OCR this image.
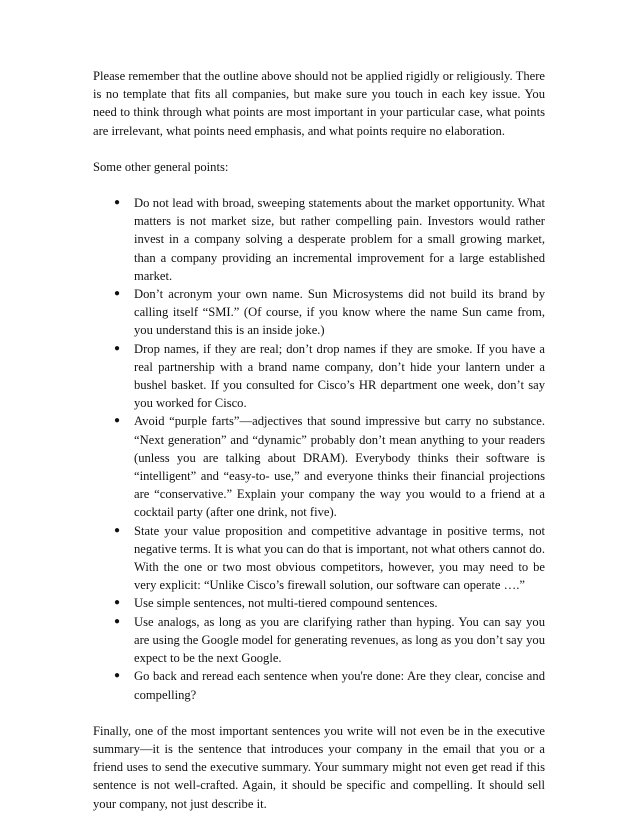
Please remember that the outline above should not be applied rigidly or religiously. There is no template that fits all companies, but make sure you touch in each key issue. You need to think through what points are most important in your particular case, what points are irrelevant, what points need emphasis, and what points require no elaboration.

Some other general points:

● Do not lead with broad, sweeping statements about the market opportunity. What matters is not market size, but rather compelling pain. Investors would rather invest in a company solving a desperate problem for a small growing market, than a company providing an incremental improvement for a large established market.
● Don’t acronym your own name. Sun Microsystems did not build its brand by calling itself “SMI.” (Of course, if you know where the name Sun came from, you understand this is an inside joke.)
● Drop names, if they are real; don’t drop names if they are smoke. If you have a real partnership with a brand name company, don’t hide your lantern under a bushel basket. If you consulted for Cisco’s HR department one week, don’t say you worked for Cisco.
● Avoid “purple farts”—adjectives that sound impressive but carry no substance. “Next generation” and “dynamic” probably don’t mean anything to your readers (unless you are talking about DRAM). Everybody thinks their software is “intelligent” and “easy-to- use,” and everyone thinks their financial projections are “conservative.” Explain your company the way you would to a friend at a cocktail party (after one drink, not five).
● State your value proposition and competitive advantage in positive terms, not negative terms. It is what you can do that is important, not what others cannot do. With the one or two most obvious competitors, however, you may need to be very explicit: “Unlike Cisco’s firewall solution, our software can operate ….”
● Use simple sentences, not multi-tiered compound sentences.
● Use analogs, as long as you are clarifying rather than hyping. You can say you are using the Google model for generating revenues, as long as you don’t say you expect to be the next Google.
● Go back and reread each sentence when you're done: Are they clear, concise and compelling?

Finally, one of the most important sentences you write will not even be in the executive summary—it is the sentence that introduces your company in the email that you or a friend uses to send the executive summary. Your summary might not even get read if this sentence is not well-crafted. Again, it should be specific and compelling. It should sell your company, not just describe it.
